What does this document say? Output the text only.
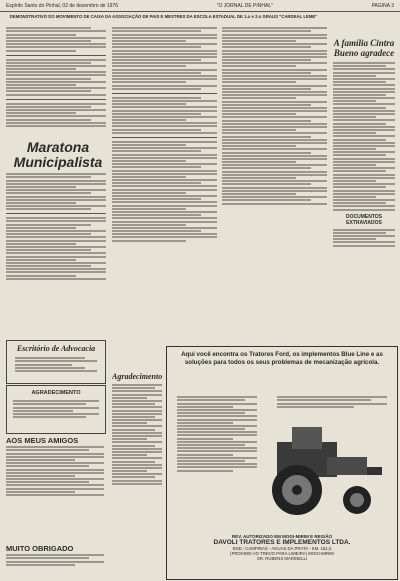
Espírito Santo do Pinhal, 02 de dezembro de 1976	"O JORNAL DE PINHAL"	PAGINA 3
DEMONSTRATIVO DO MOVIMENTO DE CAIXA DA ASSOCIAÇÃO DE PAIS E MESTRES DA ESCOLA ESTADUAL DE 1.o e 2.o GRAUS "CARDEAL LEME"
Maratona Municipalista
Escritório de Advocacia
AGRADECIMENTO
AOS MEUS AMIGOS
MUITO OBRIGADO
A família Cintra Bueno agradece
DOCUMENTOS EXTRAVIADOS
Agradecimento
Aqui você encontra os Tratores Ford, os implementos Blue Line e as soluções para todos os seus problemas de mecanização agrícola.
REV. AUTORIZADO EM MOGI-MIRIM E REGIÃO
DAVOLI TRATORES E IMPLEMENTOS LTDA.
END.: CAMPINAS - AGUAS DA PRATA - KM. 161,5
(PROXIMO AO TREVO PARA LIMEIRA) MOGI-MIRIM
SR. RUBENS MARINELLI
